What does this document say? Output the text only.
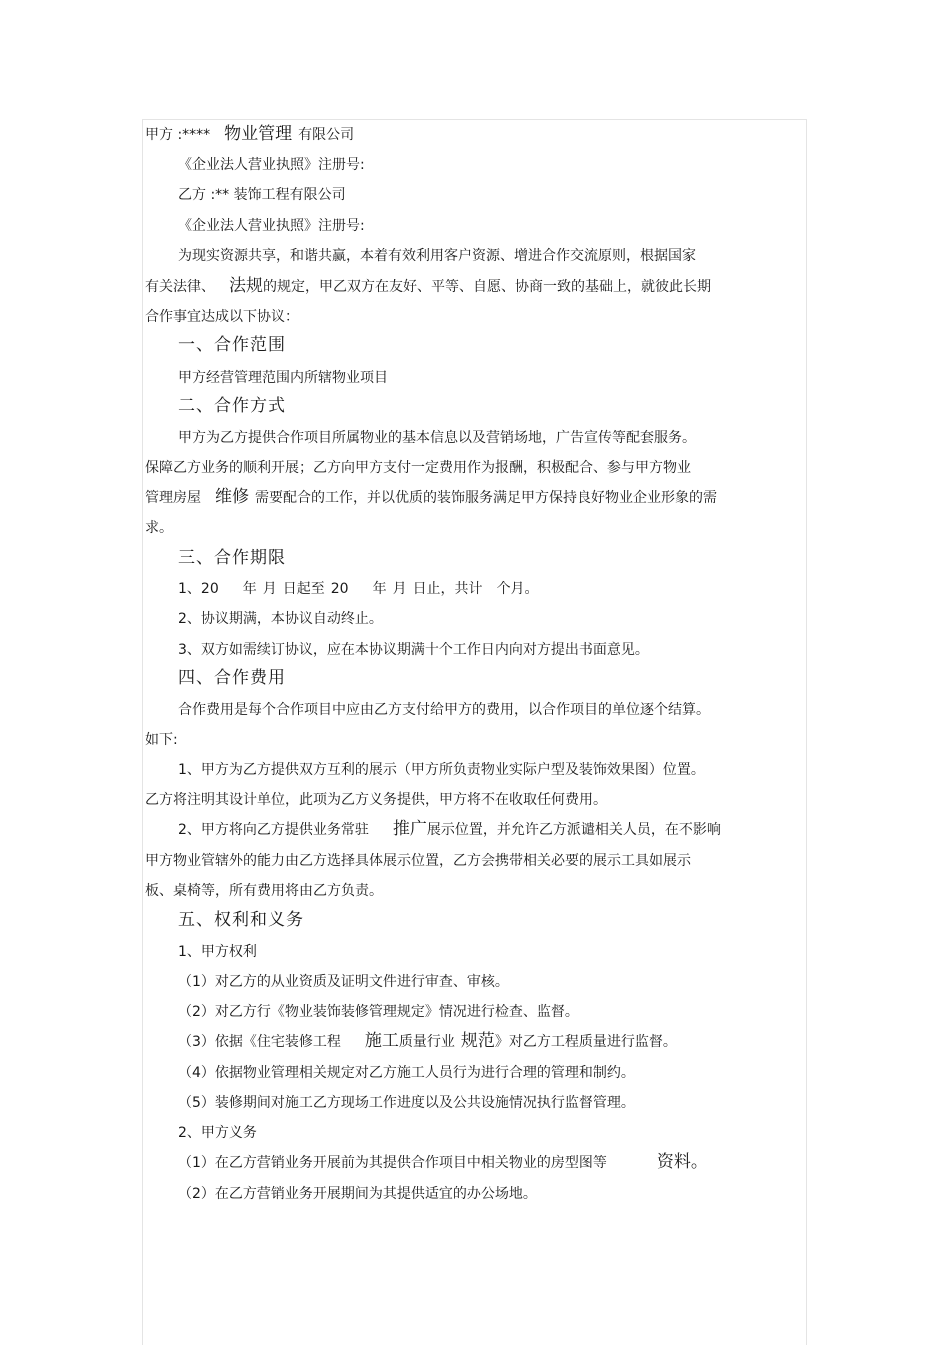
甲方 :**** 物业管理 有限公司
《企业法人营业执照》注册号:
乙方 :** 装饰工程有限公司
《企业法人营业执照》注册号:
为现实资源共享，和谐共赢，本着有效利用客户资源、增进合作交流原则，根据国家
有关法律、 法规的规定，甲乙双方在友好、平等、自愿、协商一致的基础上，就彼此长期
合作事宜达成以下协议：
一、合作范围
甲方经营管理范围内所辖物业项目
二、合作方式
甲方为乙方提供合作项目所属物业的基本信息以及营销场地，广告宣传等配套服务。
保障乙方业务的顺利开展；乙方向甲方支付一定费用作为报酬，积极配合、参与甲方物业
管理房屋 维修 需要配合的工作，并以优质的装饰服务满足甲方保持良好物业企业形象的需
求。
三、合作期限
1、20 年 月 日起至 20 年 月 日止，共计 个月。
2、协议期满，本协议自动终止。
3、双方如需续订协议，应在本协议期满十个工作日内向对方提出书面意见。
四、合作费用
合作费用是每个合作项目中应由乙方支付给甲方的费用，以合作项目的单位逐个结算。
如下:
1、甲方为乙方提供双方互利的展示（甲方所负责物业实际户型及装饰效果图）位置。
乙方将注明其设计单位，此项为乙方义务提供，甲方将不在收取任何费用。
2、甲方将向乙方提供业务常驻 推广展示位置，并允许乙方派谴相关人员，在不影响
甲方物业管辖外的能力由乙方选择具体展示位置，乙方会携带相关必要的展示工具如展示
板、桌椅等，所有费用将由乙方负责。
五、权利和义务
1、甲方权利
（1）对乙方的从业资质及证明文件进行审查、审核。
（2）对乙方行《物业装饰装修管理规定》情况进行检查、监督。
（3）依据《住宅装修工程 施工质量行业 规范》对乙方工程质量进行监督。
（4）依据物业管理相关规定对乙方施工人员行为进行合理的管理和制约。
（5）装修期间对施工乙方现场工作进度以及公共设施情况执行监督管理。
2、甲方义务
（1）在乙方营销业务开展前为其提供合作项目中相关物业的房型图等	资料。
（2）在乙方营销业务开展期间为其提供适宜的办公场地。
